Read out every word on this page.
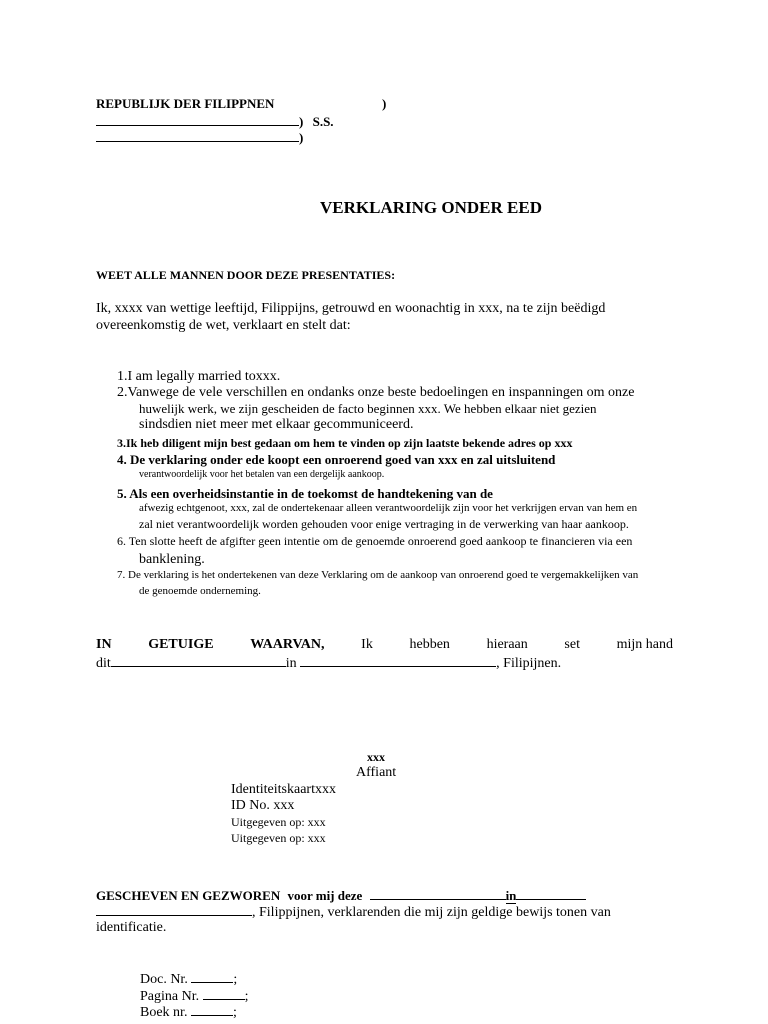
REPUBLIJK DER FILIPPNEN	)
) S.S.
)
VERKLARING ONDER EED
WEET ALLE MANNEN DOOR DEZE PRESENTATIES:
Ik, xxxx van wettige leeftijd, Filippijns, getrouwd en woonachtig in xxx, na te zijn beëdigd
overeenkomstig de wet, verklaart en stelt dat:
1.I am legally married toxxx.
2.Vanwege de vele verschillen en ondanks onze beste bedoelingen en inspanningen om onze
huwelijk werk, we zijn gescheiden de facto beginnen xxx. We hebben elkaar niet gezien
sindsdien niet meer met elkaar gecommuniceerd.
3.Ik heb diligent mijn best gedaan om hem te vinden op zijn laatste bekende adres op xxx
4. De verklaring onder ede koopt een onroerend goed van xxx en zal uitsluitend
verantwoordelijk voor het betalen van een dergelijk aankoop.
5. Als een overheidsinstantie in de toekomst de handtekening van de
afwezig echtgenoot, xxx, zal de ondertekenaar alleen verantwoordelijk zijn voor het verkrijgen ervan van hem en
zal niet verantwoordelijk worden gehouden voor enige vertraging in de verwerking van haar aankoop.
6. Ten slotte heeft de afgifter geen intentie om de genoemde onroerend goed aankoop te financieren via een
banklening.
7. De verklaring is het ondertekenen van deze Verklaring om de aankoop van onroerend goed te vergemakkelijken van
de genoemde onderneming.
IN	GETUIGE	WAARVAN,	Ik	hebben	hieraan	set	mijn hand
dit	in	, Filipijnen.
xxx
Affiant
Identiteitskaartxxx
ID No. xxx
Uitgegeven op: xxx
Uitgegeven op: xxx
GESCHEVEN EN GEZWOREN voor mij deze	in
, Filippijnen, verklarenden die mij zijn geldige bewijs tonen van
identificatie.
Doc. Nr.	;
Pagina Nr.	;
Boek nr.	;
